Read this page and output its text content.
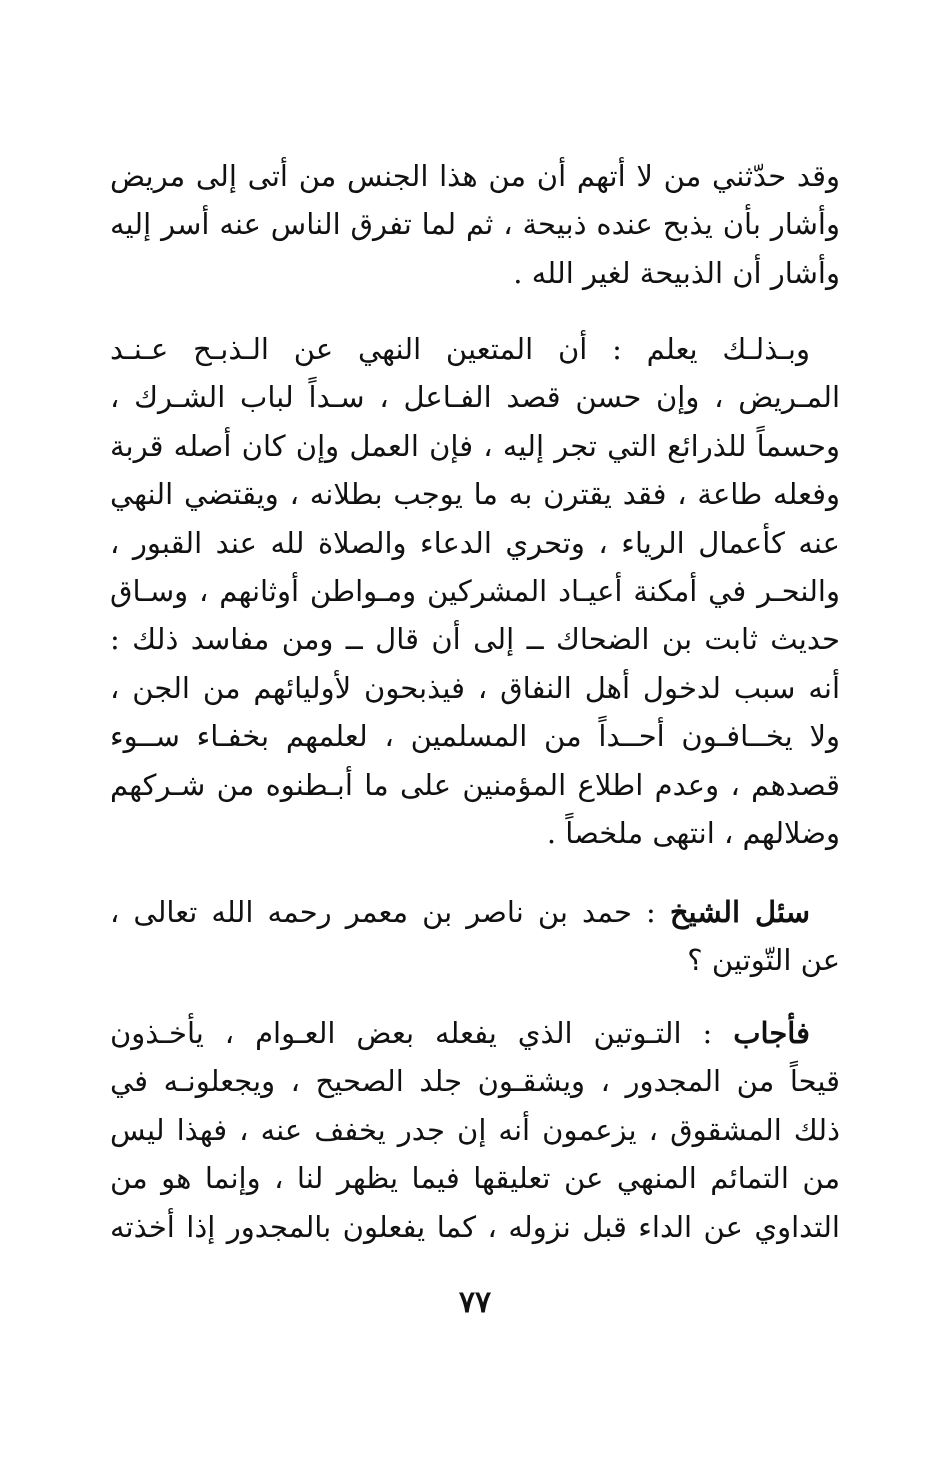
وقد حدّثني من لا أتهم أن من هذا الجنس من أتى إلى مريض
وأشار بأن يذبح عنده ذبيحة ، ثم لما تفرق الناس عنه أسر إليه
وأشار أن الذبيحة لغير الله .
وبـذلـك يعلم : أن المتعين النهي عن الـذبـح عـنـد
المـريض ، وإن حسن قصد الفـاعل ، سـداً لباب الشـرك ،
وحسماً للذرائع التي تجر إليه ، فإن العمل وإن كان أصله قربة
وفعله طاعة ، فقد يقترن به ما يوجب بطلانه ، ويقتضي النهي
عنه كأعمال الرياء ، وتحري الدعاء والصلاة لله عند القبور ،
والنحـر في أمكنة أعيـاد المشركين ومـواطن أوثانهم ، وسـاق
حديث ثابت بن الضحاك ــ إلى أن قال ــ ومن مفاسد ذلك :
أنه سبب لدخول أهل النفاق ، فيذبحون لأوليائهم من الجن ،
ولا يخــافـون أحــداً من المسلمين ، لعلمهم بخفـاء ســوء
قصدهم ، وعدم اطلاع المؤمنين على ما أبـطنوه من شـركهم
وضلالهم ، انتهى ملخصاً .
سئل الشيخ : حمد بن ناصر بن معمر رحمه الله تعالى ،
عن التّوتين ؟
فأجاب : التـوتين الذي يفعله بعض العـوام ، يأخـذون
قيحاً من المجدور ، ويشقـون جلد الصحيح ، ويجعلونـه في
ذلك المشقوق ، يزعمون أنه إن جدر يخفف عنه ، فهذا ليس
من التمائم المنهي عن تعليقها فيما يظهر لنا ، وإنما هو من
التداوي عن الداء قبل نزوله ، كما يفعلون بالمجدور إذا أخذته
٧٧
